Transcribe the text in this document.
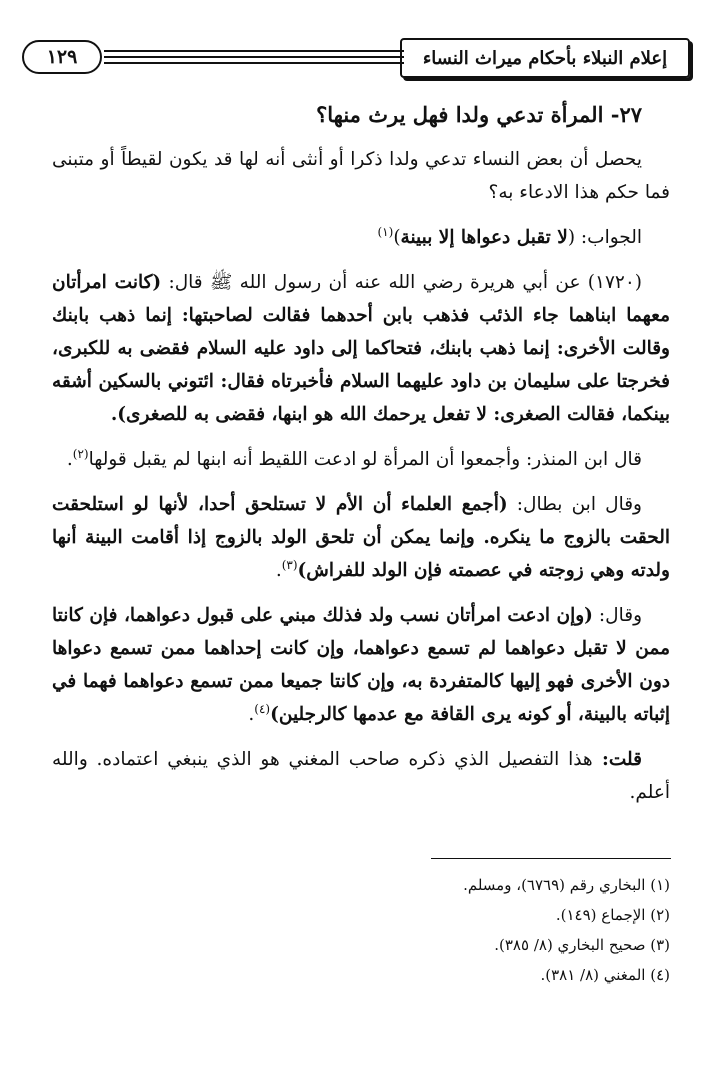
١٢٩	إعلام النبلاء بأحكام ميراث النساء

٢٧- المرأة تدعي ولدا فهل يرث منها؟

يحصل أن بعض النساء تدعي ولدا ذكرا أو أنثى أنه لها قد يكون لقيطاً أو متبنى فما حكم هذا الادعاء به؟

الجواب: (لا تقبل دعواها إلا ببينة)$^{(١)}$

(١٧٢٠) عن أبي هريرة رضي الله عنه أن رسول الله ﷺ قال: (كانت امرأتان معهما ابناهما جاء الذئب فذهب بابن أحدهما فقالت لصاحبتها: إنما ذهب بابنك وقالت الأخرى: إنما ذهب بابنك، فتحاكما إلى داود عليه السلام فقضى به للكبرى، فخرجتا على سليمان بن داود عليهما السلام فأخبرتاه فقال: ائتوني بالسكين أشقه بينكما، فقالت الصغرى: لا تفعل يرحمك الله هو ابنها، فقضى به للصغرى).

قال ابن المنذر: وأجمعوا أن المرأة لو ادعت اللقيط أنه ابنها لم يقبل قولها$^{(٢)}$.

وقال ابن بطال: (أجمع العلماء أن الأم لا تستلحق أحدا، لأنها لو استلحقت الحقت بالزوج ما ينكره. وإنما يمكن أن تلحق الولد بالزوج إذا أقامت البينة أنها ولدته وهي زوجته في عصمته فإن الولد للفراش)$^{(٣)}$.

وقال: (وإن ادعت امرأتان نسب ولد فذلك مبني على قبول دعواهما، فإن كانتا ممن لا تقبل دعواهما لم تسمع دعواهما، وإن كانت إحداهما ممن تسمع دعواها دون الأخرى فهو إليها كالمتفردة به، وإن كانتا جميعا ممن تسمع دعواهما فهما في إثباته بالبينة، أو كونه يرى القافة مع عدمها كالرجلين)$^{(٤)}$.

قلت: هذا التفصيل الذي ذكره صاحب المغني هو الذي ينبغي اعتماده. والله أعلم.

(١) البخاري رقم (٦٧٦٩)، ومسلم.
(٢) الإجماع (١٤٩).
(٣) صحيح البخاري (٨/ ٣٨٥).
(٤) المغني (٨/ ٣٨١).
